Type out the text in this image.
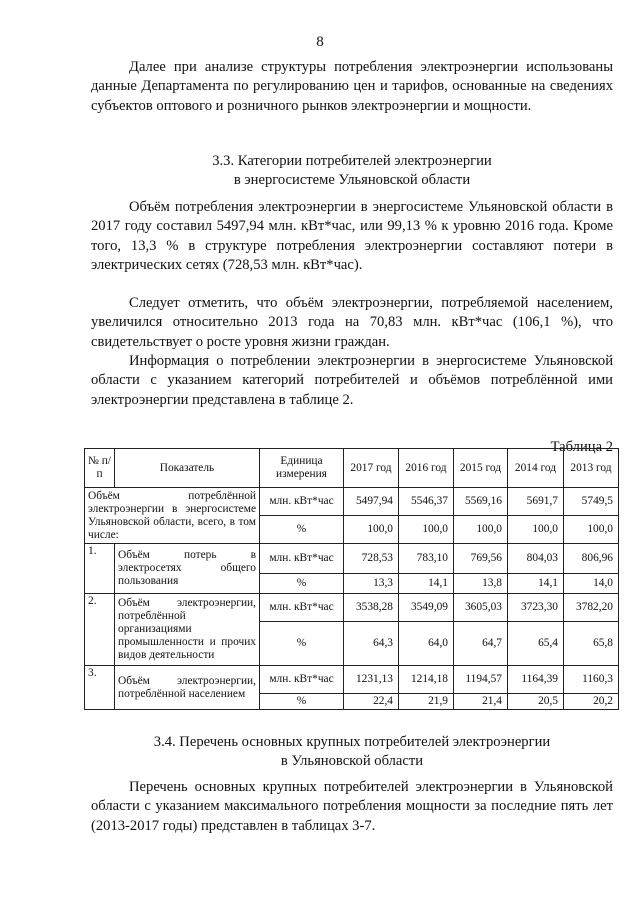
8

Далее при анализе структуры потребления электроэнергии использованы данные Департамента по регулированию цен и тарифов, основанные на сведениях субъектов оптового и розничного рынков электроэнергии и мощности.

3.3. Категории потребителей электроэнергии

в энергосистеме Ульяновской области

Объём потребления электроэнергии в энергосистеме Ульяновской области в 2017 году составил 5497,94 млн. кВт*час, или 99,13 % к уровню 2016 года. Кроме того, 13,3 % в структуре потребления электроэнергии составляют потери в электрических сетях (728,53 млн. кВт*час).

Следует отметить, что объём электроэнергии, потребляемой населением, увеличился относительно 2013 года на 70,83 млн. кВт*час (106,1 %), что свидетельствует о росте уровня жизни граждан.

Информация о потреблении электроэнергии в энергосистеме Ульяновской области с указанием категорий потребителей и объёмов потреблённой ими электроэнергии представлена в таблице 2.

Таблица 2
№ п/п	Показатель	Единица измерения	2017 год	2016 год	2015 год	2014 год	2013 год
Объём потреблённой электроэнергии в энергосистеме Ульяновской области, всего, в том числе:		млн. кВт*час	5497,94	5546,37	5569,16	5691,7	5749,5
		%	100,0	100,0	100,0	100,0	100,0
1.	Объём потерь в электросетях общего пользования	млн. кВт*час	728,53	783,10	769,56	804,03	806,96
		%	13,3	14,1	13,8	14,1	14,0
2.	Объём электроэнергии, потреблённой организациями промышленности и прочих видов деятельности	млн. кВт*час	3538,28	3549,09	3605,03	3723,30	3782,20
		%	64,3	64,0	64,7	65,4	65,8
3.	Объём электроэнергии, потреблённой населением	млн. кВт*час	1231,13	1214,18	1194,57	1164,39	1160,3
		%	22,4	21,9	21,4	20,5	20,2

3.4. Перечень основных крупных потребителей электроэнергии

в Ульяновской области

Перечень основных крупных потребителей электроэнергии в Ульяновской области с указанием максимального потребления мощности за последние пять лет (2013-2017 годы) представлен в таблицах 3-7.
